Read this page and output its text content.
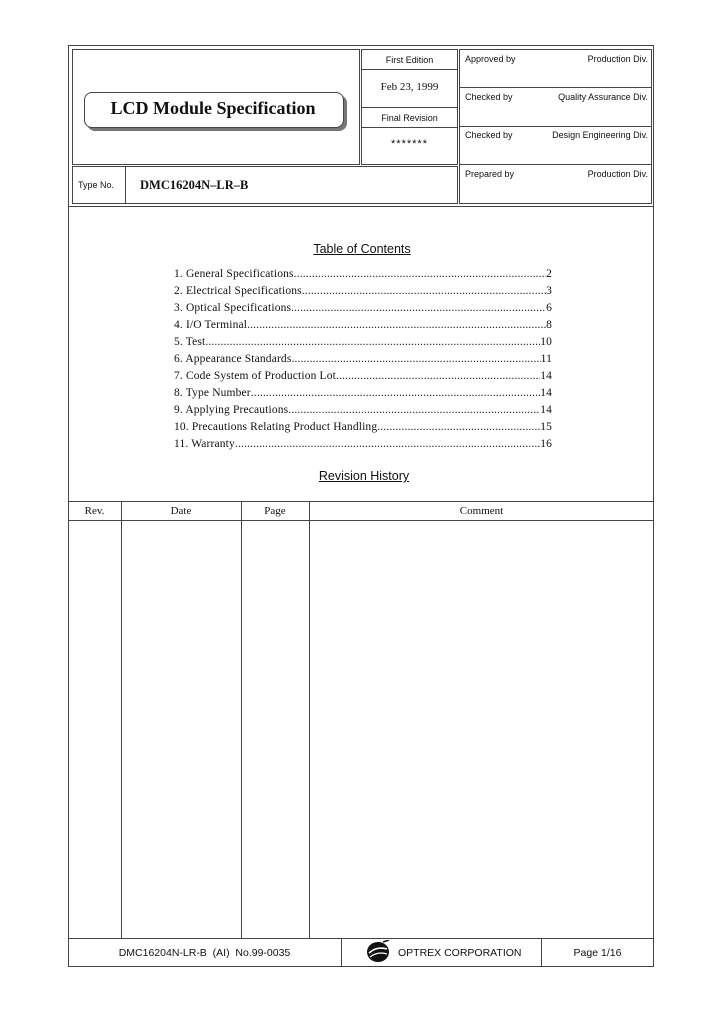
LCD Module Specification
First Edition
Feb 23, 1999
Final Revision
*******
Approved by	Production Div.
Checked by	Quality Assurance Div.
Checked by	Design Engineering Div.
Prepared by	Production Div.
Type No. DMC16204N–LR–B
Table of Contents
1. General Specifications .....	2
2. Electrical Specifications .....	3
3. Optical Specifications .....	6
4. I/O Terminal .....	8
5. Test .....	10
6. Appearance Standards .....	11
7. Code System of Production Lot .....	14
8. Type Number .....	14
9. Applying Precautions .....	14
10. Precautions Relating Product Handling .....	15
11. Warranty .....	16
Revision History
Rev.	Date	Page	Comment
DMC16204N-LR-B  (AI)  No.99-0035	OPTREX CORPORATION	Page 1/16
